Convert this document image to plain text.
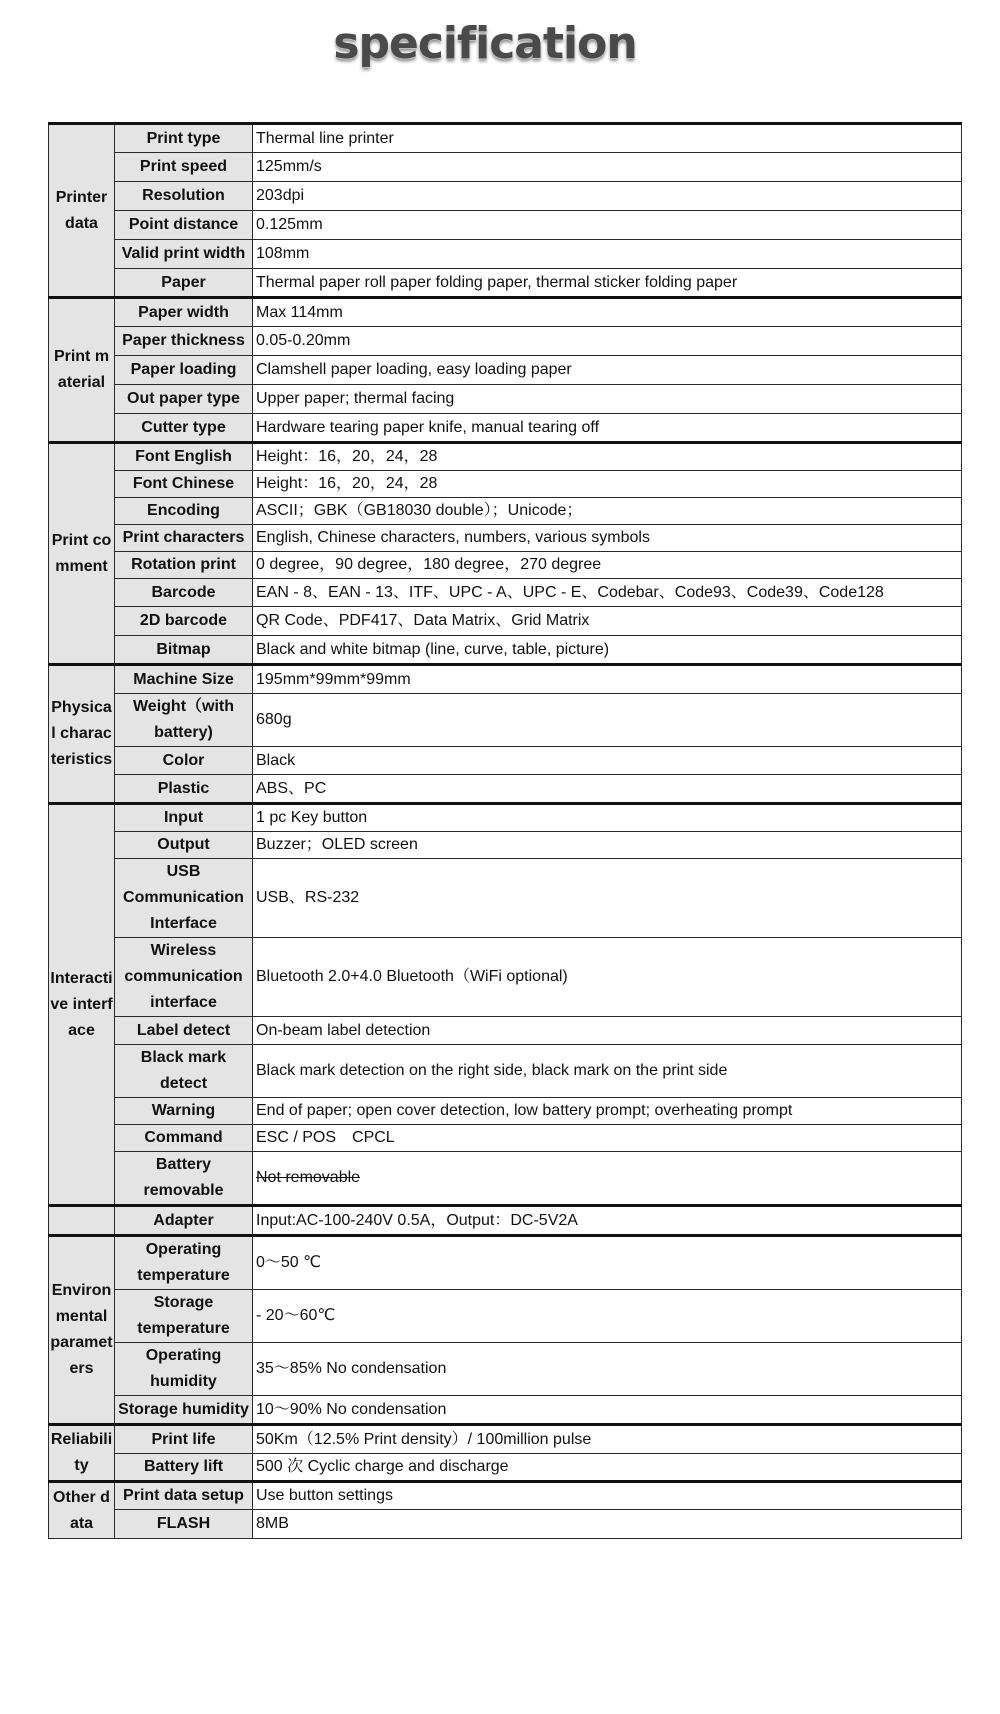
specification
Printer data	Print type	Thermal line printer
	Print speed	125mm/s
	Resolution	203dpi
	Point distance	0.125mm
	Valid print width	108mm
	Paper	Thermal paper roll paper folding paper, thermal sticker folding paper
Print material	Paper width	Max 114mm
	Paper thickness	0.05-0.20mm
	Paper loading	Clamshell paper loading, easy loading paper
	Out paper type	Upper paper; thermal facing
	Cutter type	Hardware tearing paper knife, manual tearing off
Print comment	Font English	Height：16，20，24，28
	Font Chinese	Height：16，20，24，28
	Encoding	ASCII；GBK（GB18030 double）；Unicode；
	Print characters	English, Chinese characters, numbers, various symbols
	Rotation print	0 degree，90 degree，180 degree，270 degree
	Barcode	EAN - 8、EAN - 13、ITF、UPC - A、UPC - E、Codebar、Code93、Code39、Code128
	2D barcode	QR Code、PDF417、Data Matrix、Grid Matrix
	Bitmap	Black and white bitmap (line, curve, table, picture)
Physical characteristics	Machine Size	195mm*99mm*99mm
	Weight（with battery)	680g
	Color	Black
	Plastic	ABS、PC
Interactive interface	Input	1 pc Key button
	Output	Buzzer；OLED screen
	USB Communication Interface	USB、RS-232
	Wireless communication interface	Bluetooth 2.0+4.0 Bluetooth（WiFi optional)
	Label detect	On-beam label detection
	Black mark detect	Black mark detection on the right side, black mark on the print side
	Warning	End of paper; open cover detection, low battery prompt; overheating prompt
	Command	ESC / POS　CPCL
	Battery removable	Not removable
	Adapter	Input:AC-100-240V 0.5A，Output：DC-5V2A
Environmental parameters	Operating temperature	0～50 ℃
	Storage temperature	- 20～60℃
	Operating humidity	35～85% No condensation
	Storage humidity	10～90% No condensation
Reliability	Print life	50Km（12.5% Print density）/ 100million pulse
	Battery lift	500 次 Cyclic charge and discharge
Other data	Print data setup	Use button settings
	FLASH	8MB
